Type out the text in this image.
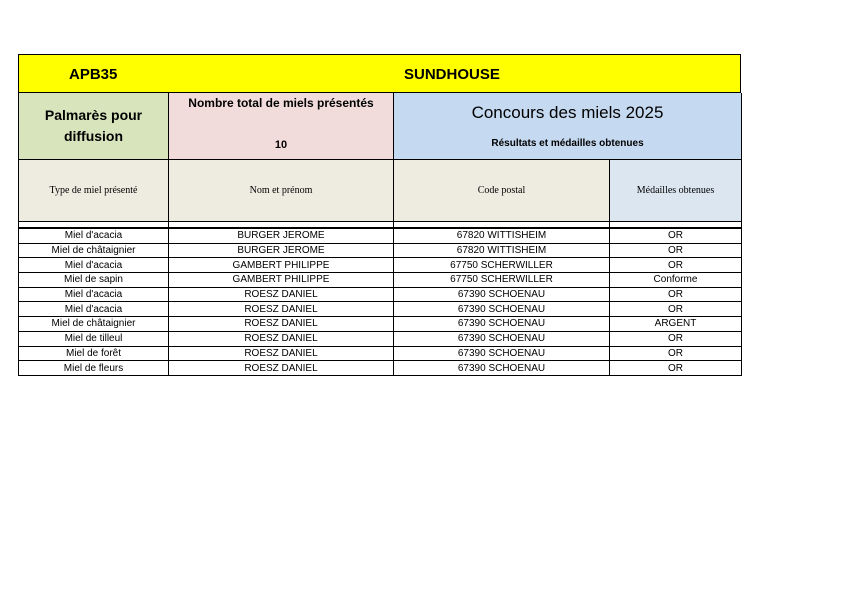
APB35	SUNDHOUSE
Palmarès pour
diffusion
Nombre total de miels présentés
10
Concours des miels 2025
Résultats et médailles obtenues
Type de miel présenté	Nom et prénom	Code postal	Médailles obtenues
Miel d'acacia	BURGER JEROME	67820 WITTISHEIM	OR
Miel de châtaignier	BURGER JEROME	67820 WITTISHEIM	OR
Miel d'acacia	GAMBERT PHILIPPE	67750 SCHERWILLER	OR
Miel de sapin	GAMBERT PHILIPPE	67750 SCHERWILLER	Conforme
Miel d'acacia	ROESZ DANIEL	67390 SCHOENAU	OR
Miel d'acacia	ROESZ DANIEL	67390 SCHOENAU	OR
Miel de châtaignier	ROESZ DANIEL	67390 SCHOENAU	ARGENT
Miel de tilleul	ROESZ DANIEL	67390 SCHOENAU	OR
Miel de forêt	ROESZ DANIEL	67390 SCHOENAU	OR
Miel de fleurs	ROESZ DANIEL	67390 SCHOENAU	OR
